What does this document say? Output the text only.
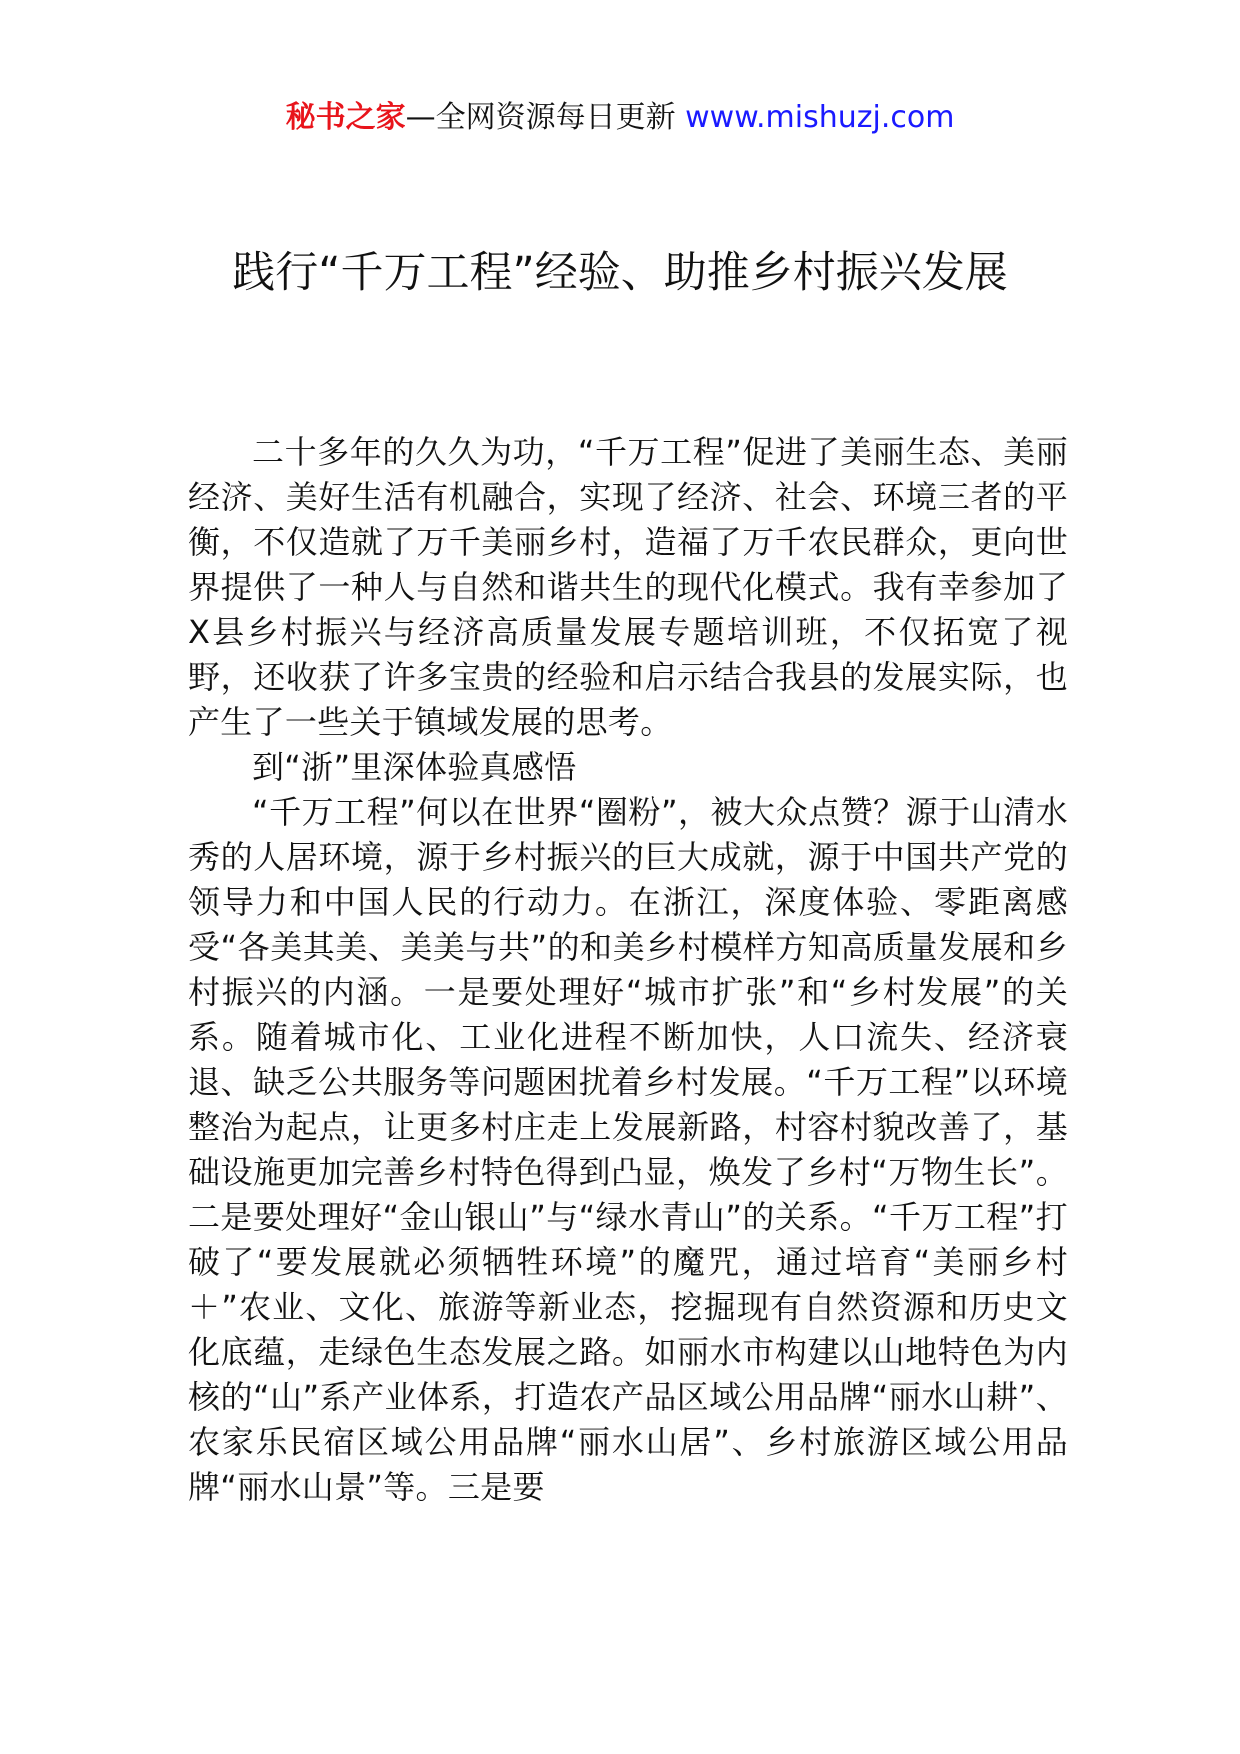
秘书之家—全网资源每日更新 www.mishuzj.com
践行“千万工程”经验、助推乡村振兴发展

二十多年的久久为功，“千万工程”促进了美丽生态、美丽经济、美好生活有机融合，实现了经济、社会、环境三者的平衡，不仅造就了万千美丽乡村，造福了万千农民群众，更向世界提供了一种人与自然和谐共生的现代化模式。我有幸参加了X县乡村振兴与经济高质量发展专题培训班，不仅拓宽了视野，还收获了许多宝贵的经验和启示结合我县的发展实际，也产生了一些关于镇域发展的思考。

到“浙”里深体验真感悟

“千万工程”何以在世界“圈粉”，被大众点赞？源于山清水秀的人居环境，源于乡村振兴的巨大成就，源于中国共产党的领导力和中国人民的行动力。在浙江，深度体验、零距离感受“各美其美、美美与共”的和美乡村模样方知高质量发展和乡村振兴的内涵。一是要处理好“城市扩张”和“乡村发展”的关系。随着城市化、工业化进程不断加快，人口流失、经济衰退、缺乏公共服务等问题困扰着乡村发展。“千万工程”以环境整治为起点，让更多村庄走上发展新路，村容村貌改善了，基础设施更加完善乡村特色得到凸显，焕发了乡村“万物生长”。二是要处理好“金山银山”与“绿水青山”的关系。“千万工程”打破了“要发展就必须牺牲环境”的魔咒，通过培育“美丽乡村＋”农业、文化、旅游等新业态，挖掘现有自然资源和历史文化底蕴，走绿色生态发展之路。如丽水市构建以山地特色为内核的“山”系产业体系，打造农产品区域公用品牌“丽水山耕”、农家乐民宿区域公用品牌“丽水山居”、乡村旅游区域公用品牌“丽水山景”等。三是要
